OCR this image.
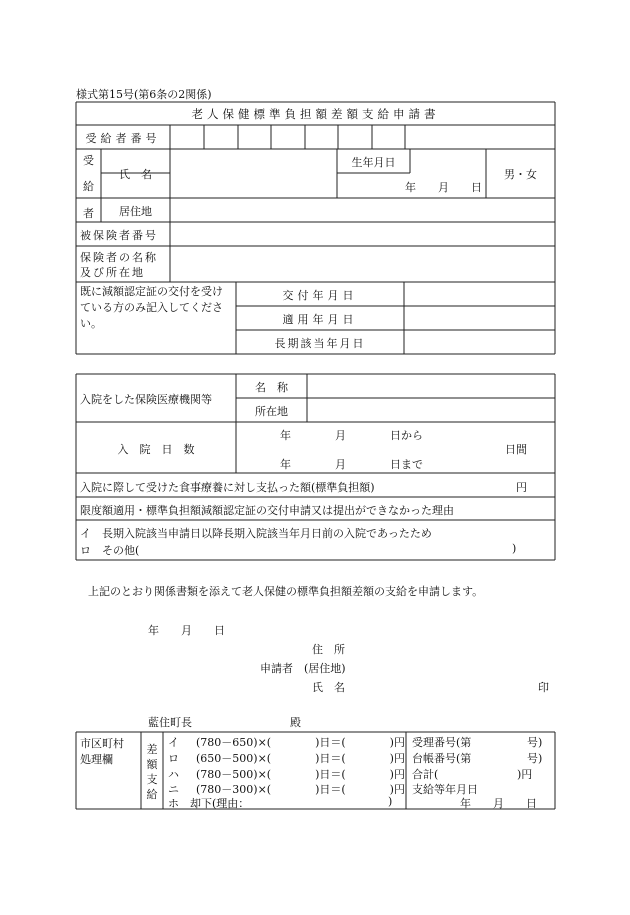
様式第15号(第6条の2関係)
老人保健標準負担額差額支給申請書
受給者番号
受
給
者
氏　名
生年月日
年　　月　　日
男・女
居住地
被保険者番号
保険者の名称
及び所在地
既に減額認定証の交付を受けている方のみ記入してください。
交付年月日
適用年月日
長期該当年月日
入院をした保険医療機関等
名　称
所在地
入　院　日　数
年　　　　月　　　　日から
年　　　　月　　　　日まで
日間
入院に際して受けた食事療養に対し支払った額(標準負担額)	円
限度額適用・標準負担額減額認定証の交付申請又は提出ができなかった理由
イ　長期入院該当申請日以降長期入院該当年月日前の入院であったため
ロ　その他(	)
上記のとおり関係書類を添えて老人保健の標準負担額差額の支給を申請します。
年　　月　　日
住　所
申請者　(居住地)
氏　名	印
藍住町長	殿
市区町村
処理欄
差
額
支
給
イ (780－650)×(　　　　)日＝(　　　　)円
ロ (650－500)×(　　　　)日＝(　　　　)円
ハ (780－500)×(　　　　)日＝(　　　　)円
ニ (780－300)×(　　　　)日＝(　　　　)円
ホ　却下(理由：	)
受理番号(第	号)
台帳番号(第	号)
合計(	)円
支給等年月日
年　　月　　日
